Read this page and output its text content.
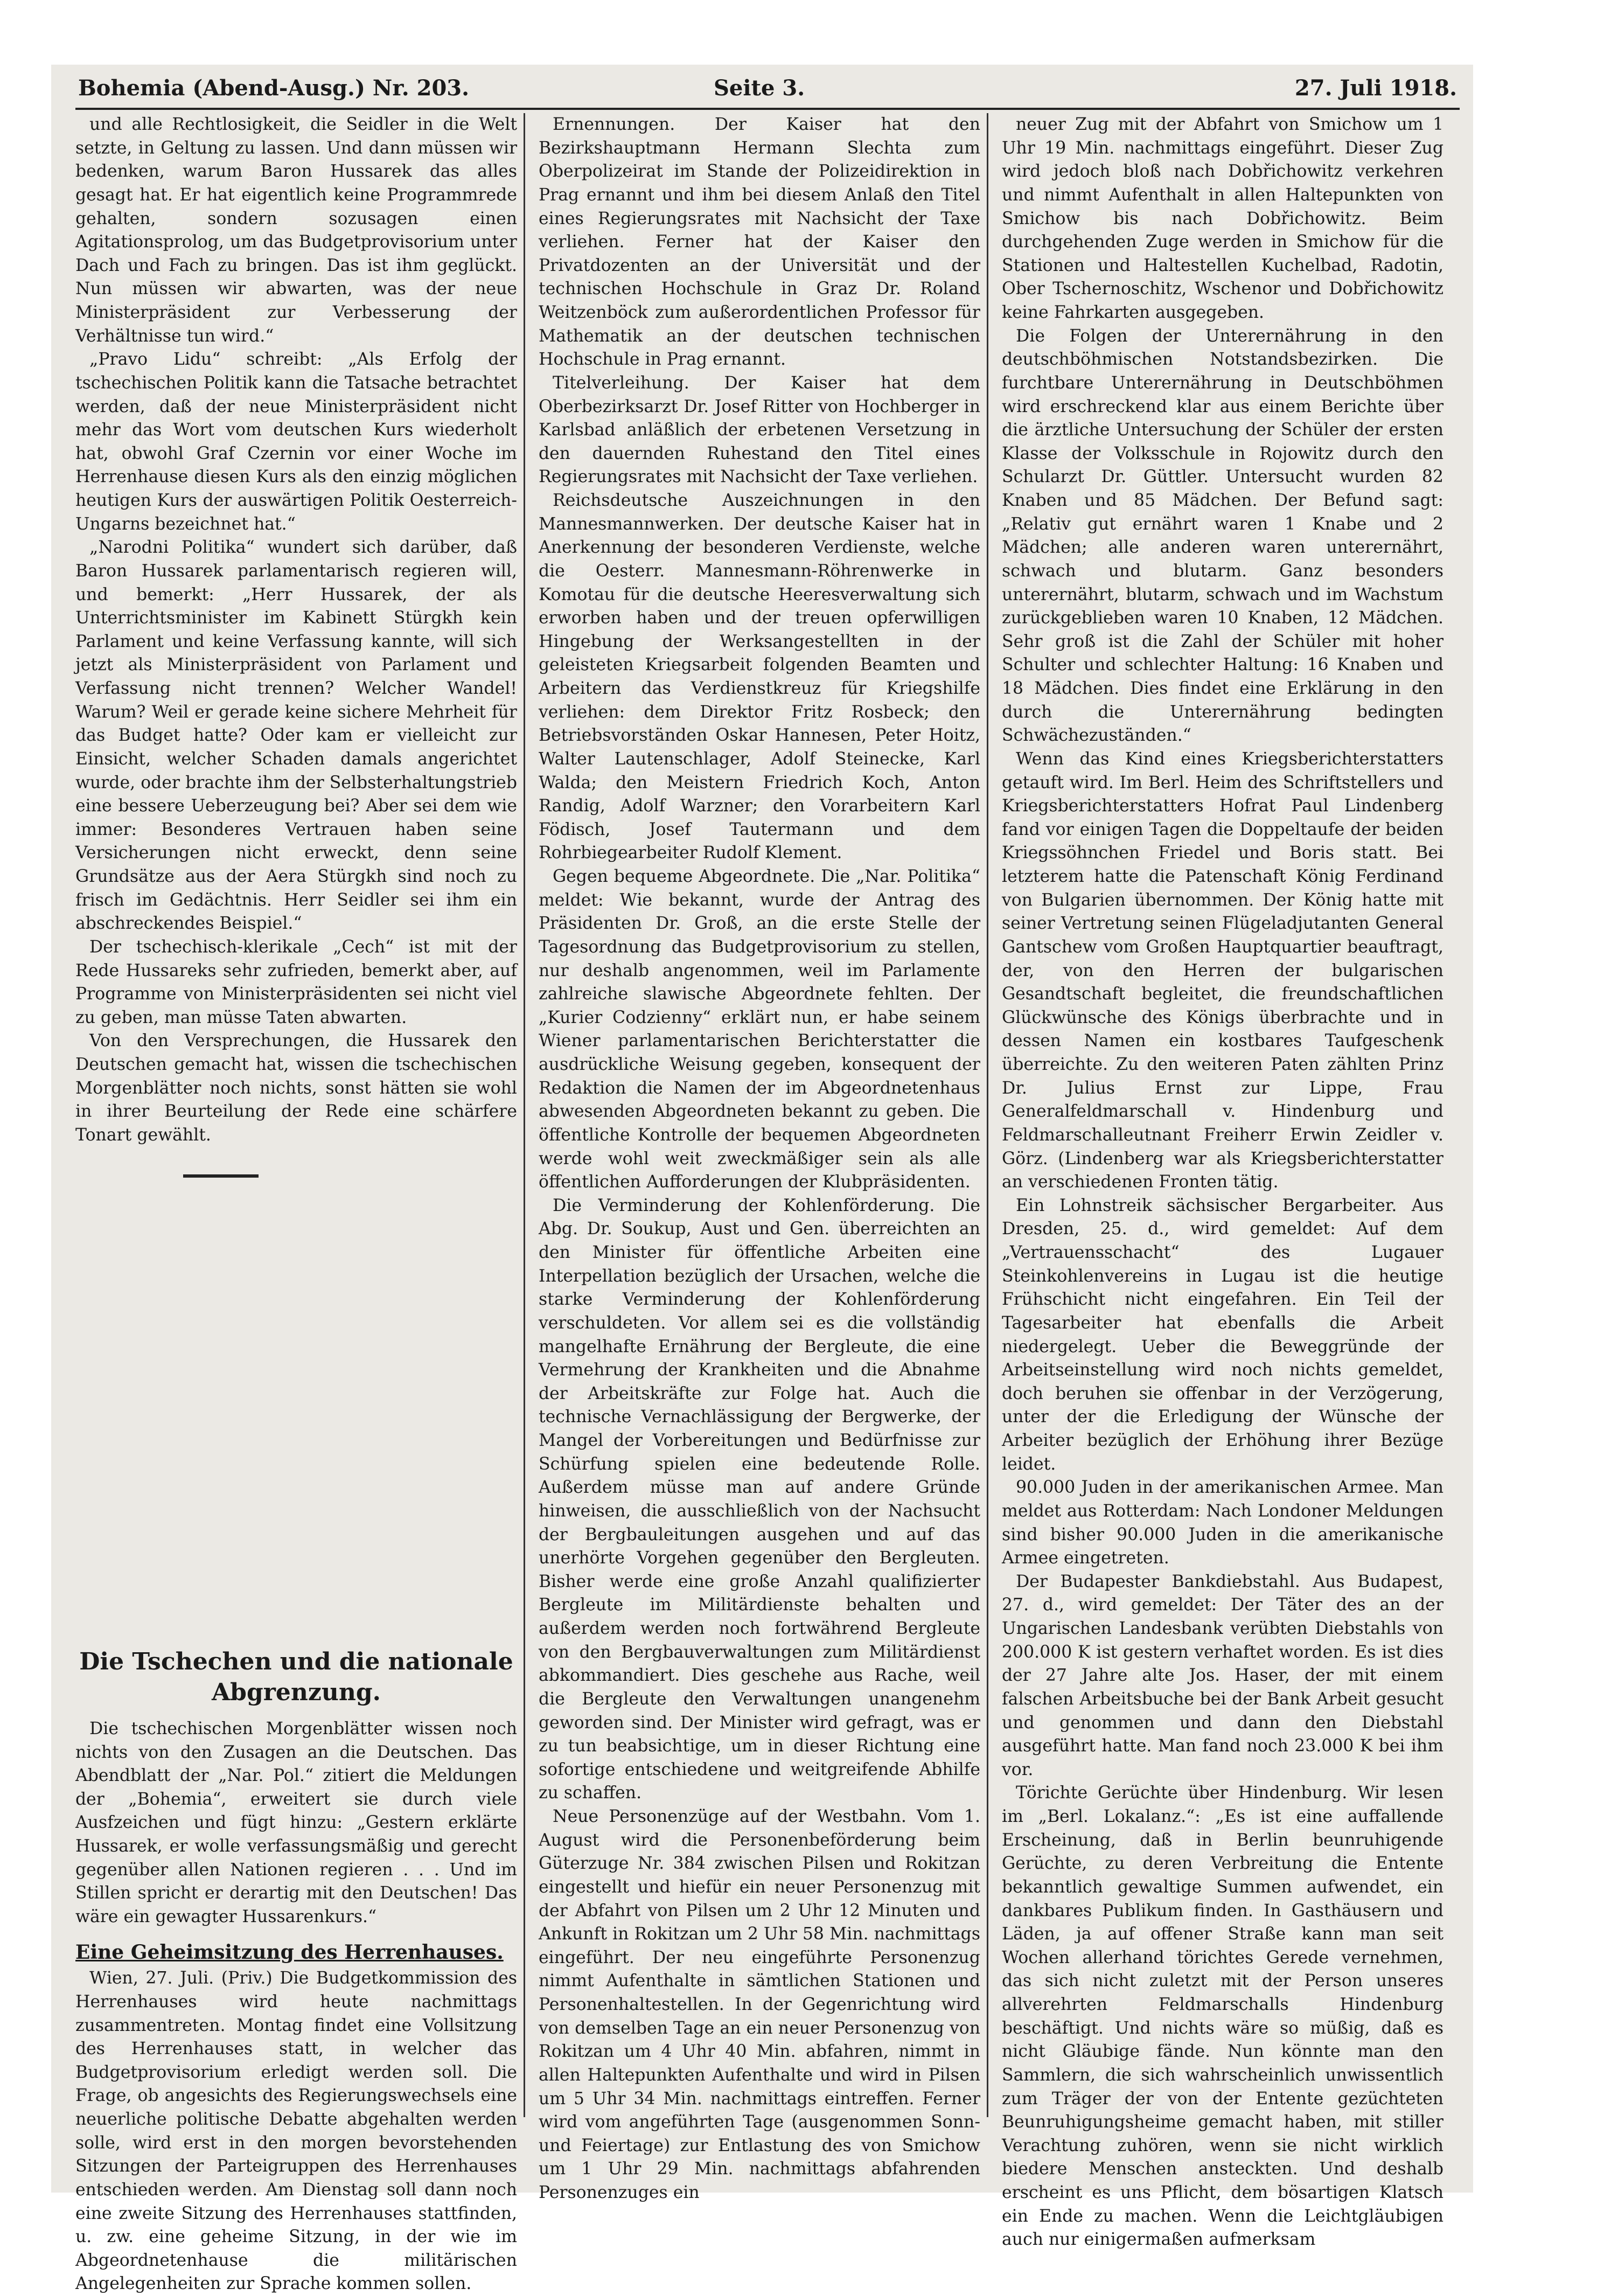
Bohemia (Abend-Ausg.) Nr. 203.	Seite 3.	27. Juli 1918.

und alle Rechtlosigkeit, die Seidler in die Welt setzte, in Geltung zu lassen. Und dann müssen wir bedenken, warum Baron Hussarek das alles gesagt hat. Er hat eigentlich keine Programmrede gehalten, sondern sozusagen einen Agitationsprolog, um das Budgetprovisorium unter Dach und Fach zu bringen. Das ist ihm geglückt. Nun müssen wir abwarten, was der neue Ministerpräsident zur Verbesserung der Verhältnisse tun wird.“

„Pravo Lidu“ schreibt: „Als Erfolg der tschechischen Politik kann die Tatsache betrachtet werden, daß der neue Ministerpräsident nicht mehr das Wort vom deutschen Kurs wiederholt hat, obwohl Graf Czernin vor einer Woche im Herrenhause diesen Kurs als den einzig möglichen heutigen Kurs der auswärtigen Politik Oesterreich-Ungarns bezeichnet hat.“

„Narodni Politika“ wundert sich darüber, daß Baron Hussarek parlamentarisch regieren will, und bemerkt: „Herr Hussarek, der als Unterrichtsminister im Kabinett Stürgkh kein Parlament und keine Verfassung kannte, will sich jetzt als Ministerpräsident von Parlament und Verfassung nicht trennen? Welcher Wandel! Warum? Weil er gerade keine sichere Mehrheit für das Budget hatte? Oder kam er vielleicht zur Einsicht, welcher Schaden damals angerichtet wurde, oder brachte ihm der Selbsterhaltungstrieb eine bessere Ueberzeugung bei? Aber sei dem wie immer: Besonderes Vertrauen haben seine Versicherungen nicht erweckt, denn seine Grundsätze aus der Aera Stürgkh sind noch zu frisch im Gedächtnis. Herr Seidler sei ihm ein abschreckendes Beispiel.“

Der tschechisch-klerikale „Cech“ ist mit der Rede Hussareks sehr zufrieden, bemerkt aber, auf Programme von Ministerpräsidenten sei nicht viel zu geben, man müsse Taten abwarten.

Von den Versprechungen, die Hussarek den Deutschen gemacht hat, wissen die tschechischen Morgenblätter noch nichts, sonst hätten sie wohl in ihrer Beurteilung der Rede eine schärfere Tonart gewählt.

Die Tschechen und die nationale Abgrenzung.

Die tschechischen Morgenblätter wissen noch nichts von den Zusagen an die Deutschen. Das Abendblatt der „Nar. Pol.“ zitiert die Meldungen der „Bohemia“, erweitert sie durch viele Ausfzeichen und fügt hinzu: „Gestern erklärte Hussarek, er wolle verfassungsmäßig und gerecht gegenüber allen Nationen regieren . . . Und im Stillen spricht er derartig mit den Deutschen! Das wäre ein gewagter Hussarenkurs.“

Eine Geheimsitzung des Herrenhauses.

Wien, 27. Juli. (Priv.) Die Budgetkommission des Herrenhauses wird heute nachmittags zusammentreten. Montag findet eine Vollsitzung des Herrenhauses statt, in welcher das Budgetprovisorium erledigt werden soll. Die Frage, ob angesichts des Regierungswechsels eine neuerliche politische Debatte abgehalten werden solle, wird erst in den morgen bevorstehenden Sitzungen der Parteigruppen des Herrenhauses entschieden werden. Am Dienstag soll dann noch eine zweite Sitzung des Herrenhauses stattfinden, u. zw. eine geheime Sitzung, in der wie im Abgeordnetenhause die militärischen Angelegenheiten zur Sprache kommen sollen.

Ernennungen. Der Kaiser hat den Bezirkshauptmann Hermann Slechta zum Oberpolizeirat im Stande der Polizeidirektion in Prag ernannt und ihm bei diesem Anlaß den Titel eines Regierungsrates mit Nachsicht der Taxe verliehen. Ferner hat der Kaiser den Privatdozenten an der Universität und der technischen Hochschule in Graz Dr. Roland Weitzenböck zum außerordentlichen Professor für Mathematik an der deutschen technischen Hochschule in Prag ernannt.

Titelverleihung. Der Kaiser hat dem Oberbezirksarzt Dr. Josef Ritter von Hochberger in Karlsbad anläßlich der erbetenen Versetzung in den dauernden Ruhestand den Titel eines Regierungsrates mit Nachsicht der Taxe verliehen.

Reichsdeutsche Auszeichnungen in den Mannesmannwerken. Der deutsche Kaiser hat in Anerkennung der besonderen Verdienste, welche die Oesterr. Mannesmann-Röhrenwerke in Komotau für die deutsche Heeresverwaltung sich erworben haben und der treuen opferwilligen Hingebung der Werksangestellten in der geleisteten Kriegsarbeit folgenden Beamten und Arbeitern das Verdienstkreuz für Kriegshilfe verliehen: dem Direktor Fritz Rosbeck; den Betriebsvorständen Oskar Hannesen, Peter Hoitz, Walter Lautenschlager, Adolf Steinecke, Karl Walda; den Meistern Friedrich Koch, Anton Randig, Adolf Warzner; den Vorarbeitern Karl Födisch, Josef Tautermann und dem Rohrbiegearbeiter Rudolf Klement.

Gegen bequeme Abgeordnete. Die „Nar. Politika“ meldet: Wie bekannt, wurde der Antrag des Präsidenten Dr. Groß, an die erste Stelle der Tagesordnung das Budgetprovisorium zu stellen, nur deshalb angenommen, weil im Parlamente zahlreiche slawische Abgeordnete fehlten. Der „Kurier Codzienny“ erklärt nun, er habe seinem Wiener parlamentarischen Berichterstatter die ausdrückliche Weisung gegeben, konsequent der Redaktion die Namen der im Abgeordnetenhaus abwesenden Abgeordneten bekannt zu geben. Die öffentliche Kontrolle der bequemen Abgeordneten werde wohl weit zweckmäßiger sein als alle öffentlichen Aufforderungen der Klubpräsidenten.

Die Verminderung der Kohlenförderung. Die Abg. Dr. Soukup, Aust und Gen. überreichten an den Minister für öffentliche Arbeiten eine Interpellation bezüglich der Ursachen, welche die starke Verminderung der Kohlenförderung verschuldeten. Vor allem sei es die vollständig mangelhafte Ernährung der Bergleute, die eine Vermehrung der Krankheiten und die Abnahme der Arbeitskräfte zur Folge hat. Auch die technische Vernachlässigung der Bergwerke, der Mangel der Vorbereitungen und Bedürfnisse zur Schürfung spielen eine bedeutende Rolle. Außerdem müsse man auf andere Gründe hinweisen, die ausschließlich von der Nachsucht der Bergbauleitungen ausgehen und auf das unerhörte Vorgehen gegenüber den Bergleuten. Bisher werde eine große Anzahl qualifizierter Bergleute im Militärdienste behalten und außerdem werden noch fortwährend Bergleute von den Bergbauverwaltungen zum Militärdienst abkommandiert. Dies geschehe aus Rache, weil die Bergleute den Verwaltungen unangenehm geworden sind. Der Minister wird gefragt, was er zu tun beabsichtige, um in dieser Richtung eine sofortige entschiedene und weitgreifende Abhilfe zu schaffen.

Neue Personenzüge auf der Westbahn. Vom 1. August wird die Personenbeförderung beim Güterzuge Nr. 384 zwischen Pilsen und Rokitzan eingestellt und hiefür ein neuer Personenzug mit der Abfahrt von Pilsen um 2 Uhr 12 Minuten und Ankunft in Rokitzan um 2 Uhr 58 Min. nachmittags eingeführt. Der neu eingeführte Personenzug nimmt Aufenthalte in sämtlichen Stationen und Personenhaltestellen. In der Gegenrichtung wird von demselben Tage an ein neuer Personenzug von Rokitzan um 4 Uhr 40 Min. abfahren, nimmt in allen Haltepunkten Aufenthalte und wird in Pilsen um 5 Uhr 34 Min. nachmittags eintreffen. Ferner wird vom angeführten Tage (ausgenommen Sonn- und Feiertage) zur Entlastung des von Smichow um 1 Uhr 29 Min. nachmittags abfahrenden Personenzuges ein

neuer Zug mit der Abfahrt von Smichow um 1 Uhr 19 Min. nachmittags eingeführt. Dieser Zug wird jedoch bloß nach Dobřichowitz verkehren und nimmt Aufenthalt in allen Haltepunkten von Smichow bis nach Dobřichowitz. Beim durchgehenden Zuge werden in Smichow für die Stationen und Haltestellen Kuchelbad, Radotin, Ober Tschernoschitz, Wschenor und Dobřichowitz keine Fahrkarten ausgegeben.

Die Folgen der Unterernährung in den deutschböhmischen Notstandsbezirken. Die furchtbare Unterernährung in Deutschböhmen wird erschreckend klar aus einem Berichte über die ärztliche Untersuchung der Schüler der ersten Klasse der Volksschule in Rojowitz durch den Schularzt Dr. Güttler. Untersucht wurden 82 Knaben und 85 Mädchen. Der Befund sagt: „Relativ gut ernährt waren 1 Knabe und 2 Mädchen; alle anderen waren unterernährt, schwach und blutarm. Ganz besonders unterernährt, blutarm, schwach und im Wachstum zurückgeblieben waren 10 Knaben, 12 Mädchen. Sehr groß ist die Zahl der Schüler mit hoher Schulter und schlechter Haltung: 16 Knaben und 18 Mädchen. Dies findet eine Erklärung in den durch die Unterernährung bedingten Schwächezuständen.“

Wenn das Kind eines Kriegsberichterstatters getauft wird. Im Berl. Heim des Schriftstellers und Kriegsberichterstatters Hofrat Paul Lindenberg fand vor einigen Tagen die Doppeltaufe der beiden Kriegssöhnchen Friedel und Boris statt. Bei letzterem hatte die Patenschaft König Ferdinand von Bulgarien übernommen. Der König hatte mit seiner Vertretung seinen Flügeladjutanten General Gantschew vom Großen Hauptquartier beauftragt, der, von den Herren der bulgarischen Gesandtschaft begleitet, die freundschaftlichen Glückwünsche des Königs überbrachte und in dessen Namen ein kostbares Taufgeschenk überreichte. Zu den weiteren Paten zählten Prinz Dr. Julius Ernst zur Lippe, Frau Generalfeldmarschall v. Hindenburg und Feldmarschalleutnant Freiherr Erwin Zeidler v. Görz. (Lindenberg war als Kriegsberichterstatter an verschiedenen Fronten tätig.

Ein Lohnstreik sächsischer Bergarbeiter. Aus Dresden, 25. d., wird gemeldet: Auf dem „Vertrauensschacht“ des Lugauer Steinkohlenvereins in Lugau ist die heutige Frühschicht nicht eingefahren. Ein Teil der Tagesarbeiter hat ebenfalls die Arbeit niedergelegt. Ueber die Beweggründe der Arbeitseinstellung wird noch nichts gemeldet, doch beruhen sie offenbar in der Verzögerung, unter der die Erledigung der Wünsche der Arbeiter bezüglich der Erhöhung ihrer Bezüge leidet.

90.000 Juden in der amerikanischen Armee. Man meldet aus Rotterdam: Nach Londoner Meldungen sind bisher 90.000 Juden in die amerikanische Armee eingetreten.

Der Budapester Bankdiebstahl. Aus Budapest, 27. d., wird gemeldet: Der Täter des an der Ungarischen Landesbank verübten Diebstahls von 200.000 K ist gestern verhaftet worden. Es ist dies der 27 Jahre alte Jos. Haser, der mit einem falschen Arbeitsbuche bei der Bank Arbeit gesucht und genommen und dann den Diebstahl ausgeführt hatte. Man fand noch 23.000 K bei ihm vor.

Törichte Gerüchte über Hindenburg. Wir lesen im „Berl. Lokalanz.“: „Es ist eine auffallende Erscheinung, daß in Berlin beunruhigende Gerüchte, zu deren Verbreitung die Entente bekanntlich gewaltige Summen aufwendet, ein dankbares Publikum finden. In Gasthäusern und Läden, ja auf offener Straße kann man seit Wochen allerhand törichtes Gerede vernehmen, das sich nicht zuletzt mit der Person unseres allverehrten Feldmarschalls Hindenburg beschäftigt. Und nichts wäre so müßig, daß es nicht Gläubige fände. Nun könnte man den Sammlern, die sich wahrscheinlich unwissentlich zum Träger der von der Entente gezüchteten Beunruhigungsheime gemacht haben, mit stiller Verachtung zuhören, wenn sie nicht wirklich biedere Menschen ansteckten. Und deshalb erscheint es uns Pflicht, dem bösartigen Klatsch ein Ende zu machen. Wenn die Leichtgläubigen auch nur einigermaßen aufmerksam
